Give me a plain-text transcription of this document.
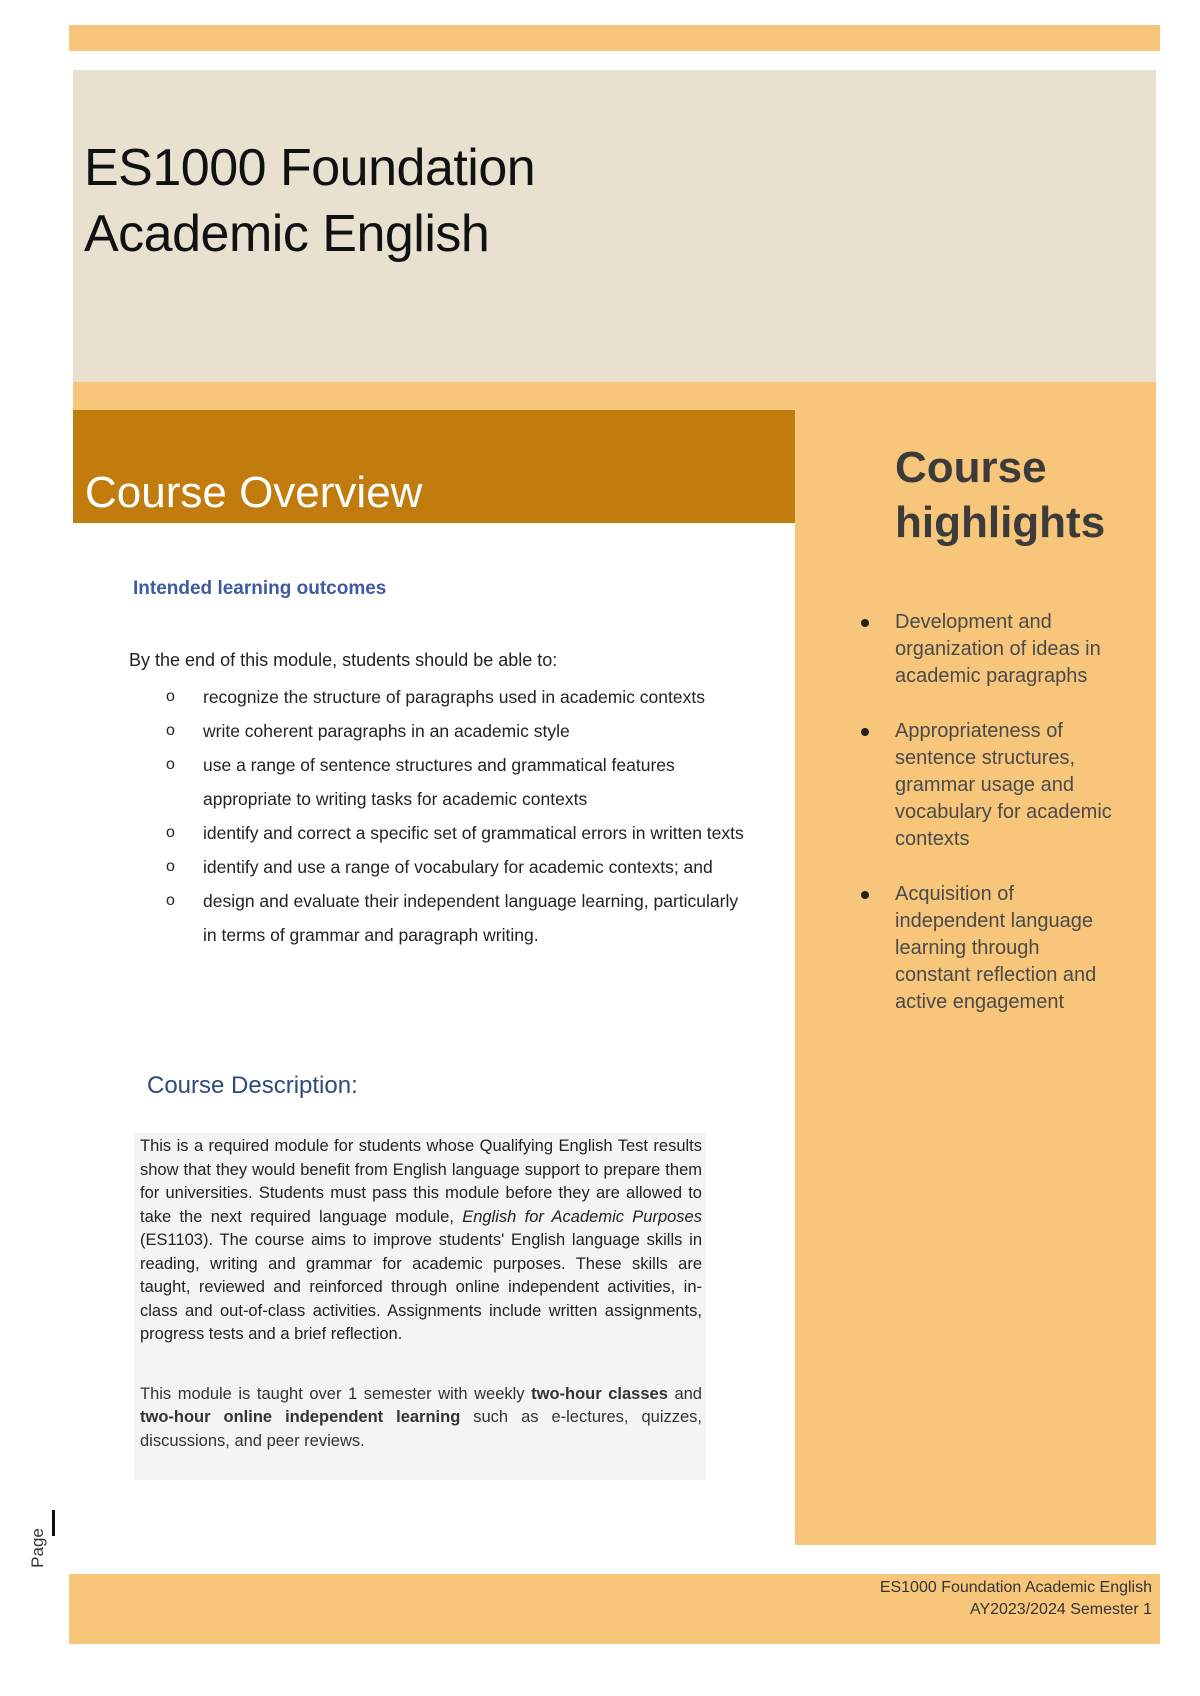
ES1000 Foundation
Academic English
Course Overview
Course
highlights
Development and organization of ideas in academic paragraphs
Appropriateness of sentence structures, grammar usage and vocabulary for academic contexts
Acquisition of independent language learning through constant reflection and active engagement
Intended learning outcomes

By the end of this module, students should be able to:

o recognize the structure of paragraphs used in academic contexts
o write coherent paragraphs in an academic style
o use a range of sentence structures and grammatical features appropriate to writing tasks for academic contexts
o identify and correct a specific set of grammatical errors in written texts
o identify and use a range of vocabulary for academic contexts; and
o design and evaluate their independent language learning, particularly in terms of grammar and paragraph writing.
Course Description:

This is a required module for students whose Qualifying English Test results show that they would benefit from English language support to prepare them for universities. Students must pass this module before they are allowed to take the next required language module, English for Academic Purposes (ES1103). The course aims to improve students' English language skills in reading, writing and grammar for academic purposes. These skills are taught, reviewed and reinforced through online independent activities, in-class and out-of-class activities. Assignments include written assignments, progress tests and a brief reflection.

This module is taught over 1 semester with weekly two-hour classes and two-hour online independent learning such as e-lectures, quizzes, discussions, and peer reviews.

Page
ES1000 Foundation Academic English
AY2023/2024 Semester 1
